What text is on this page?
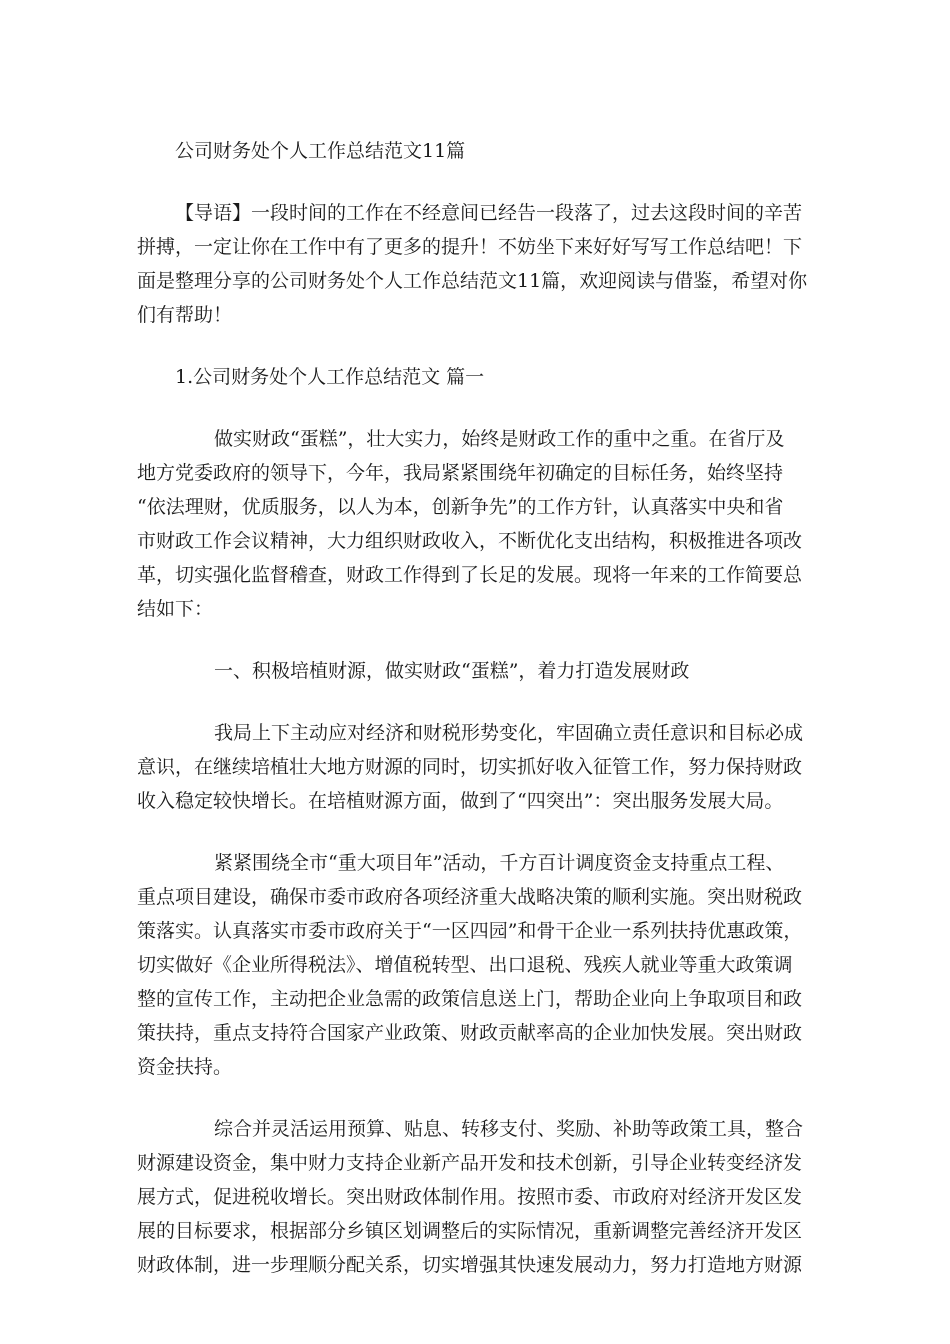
公司财务处个人工作总结范文11篇
【导语】一段时间的工作在不经意间已经告一段落了，过去这段时间的辛苦
拼搏，一定让你在工作中有了更多的提升！不妨坐下来好好写写工作总结吧！下
面是整理分享的公司财务处个人工作总结范文11篇，欢迎阅读与借鉴，希望对你
们有帮助！
1.公司财务处个人工作总结范文 篇一
做实财政“蛋糕”，壮大实力，始终是财政工作的重中之重。在省厅及
地方党委政府的领导下，今年，我局紧紧围绕年初确定的目标任务，始终坚持
“依法理财，优质服务，以人为本，创新争先”的工作方针，认真落实中央和省
市财政工作会议精神，大力组织财政收入，不断优化支出结构，积极推进各项改
革，切实强化监督稽查，财政工作得到了长足的发展。现将一年来的工作简要总
结如下：
一、积极培植财源，做实财政“蛋糕”，着力打造发展财政
我局上下主动应对经济和财税形势变化，牢固确立责任意识和目标必成
意识，在继续培植壮大地方财源的同时，切实抓好收入征管工作，努力保持财政
收入稳定较快增长。在培植财源方面，做到了“四突出”：突出服务发展大局。
紧紧围绕全市“重大项目年”活动，千方百计调度资金支持重点工程、
重点项目建设，确保市委市政府各项经济重大战略决策的顺利实施。突出财税政
策落实。认真落实市委市政府关于“一区四园”和骨干企业一系列扶持优惠政策，
切实做好《企业所得税法》、增值税转型、出口退税、残疾人就业等重大政策调
整的宣传工作，主动把企业急需的政策信息送上门，帮助企业向上争取项目和政
策扶持，重点支持符合国家产业政策、财政贡献率高的企业加快发展。突出财政
资金扶持。
综合并灵活运用预算、贴息、转移支付、奖励、补助等政策工具，整合
财源建设资金，集中财力支持企业新产品开发和技术创新，引导企业转变经济发
展方式，促进税收增长。突出财政体制作用。按照市委、市政府对经济开发区发
展的目标要求，根据部分乡镇区划调整后的实际情况，重新调整完善经济开发区
财政体制，进一步理顺分配关系，切实增强其快速发展动力，努力打造地方财源
